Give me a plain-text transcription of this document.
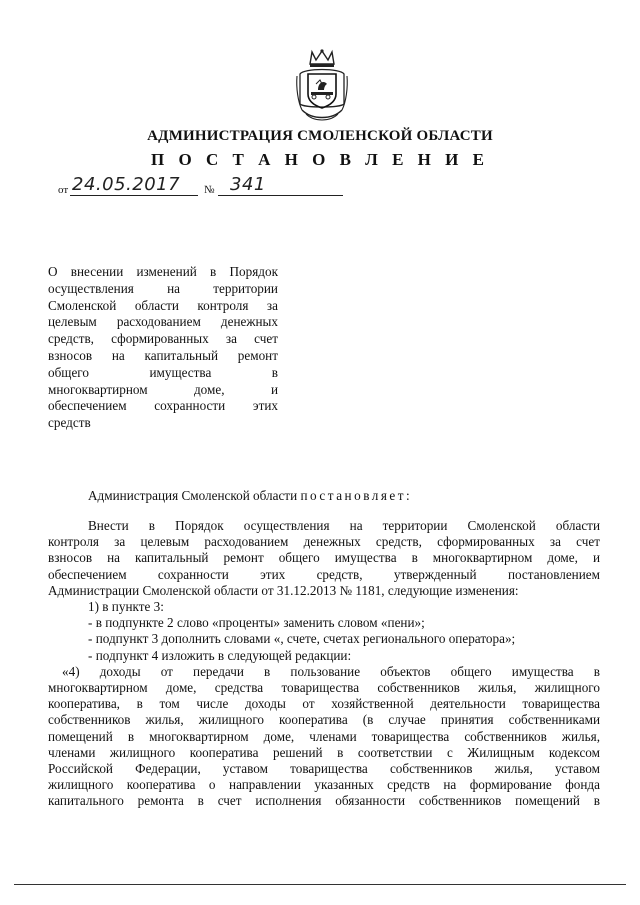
АДМИНИСТРАЦИЯ СМОЛЕНСКОЙ ОБЛАСТИ
П О С Т А Н О В Л Е Н И Е
от 24.05.2017 № 341
О внесении изменений в Порядок
осуществления на территории
Смоленской области контроля за
целевым расходованием денежных
средств, сформированных за счет
взносов на капитальный ремонт
общего имущества в
многоквартирном доме, и
обеспечением сохранности этих
средств
Администрация Смоленской области постановляет:
Внести в Порядок осуществления на территории Смоленской области
контроля за целевым расходованием денежных средств, сформированных за счет
взносов на капитальный ремонт общего имущества в многоквартирном доме, и
обеспечением сохранности этих средств, утвержденный постановлением
Администрации Смоленской области от 31.12.2013 № 1181, следующие изменения:
1) в пункте 3:
- в подпункте 2 слово «проценты» заменить словом «пени»;
- подпункт 3 дополнить словами «, счете, счетах регионального оператора»;
- подпункт 4 изложить в следующей редакции:
«4) доходы от передачи в пользование объектов общего имущества в
многоквартирном доме, средства товарищества собственников жилья, жилищного
кооператива, в том числе доходы от хозяйственной деятельности товарищества
собственников жилья, жилищного кооператива (в случае принятия собственниками
помещений в многоквартирном доме, членами товарищества собственников жилья,
членами жилищного кооператива решений в соответствии с Жилищным кодексом
Российской Федерации, уставом товарищества собственников жилья, уставом
жилищного кооператива о направлении указанных средств на формирование фонда
капитального ремонта в счет исполнения обязанности собственников помещений в
